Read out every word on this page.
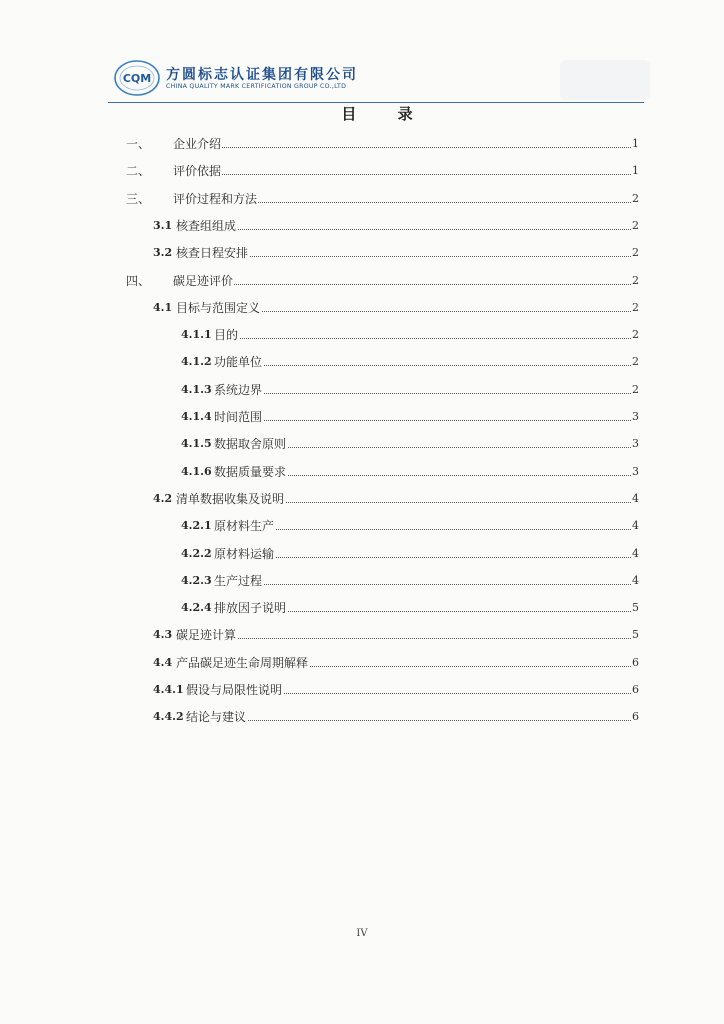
CQM 方圆标志认证集团有限公司
CHINA QUALITY MARK CERTIFICATION GROUP CO.,LTD
目 录
一、 企业介绍	1
二、 评价依据	1
三、 评价过程和方法	2
3.1 核查组组成	2
3.2 核查日程安排	2
四、 碳足迹评价	2
4.1 目标与范围定义	2
4.1.1 目的	2
4.1.2 功能单位	2
4.1.3 系统边界	2
4.1.4 时间范围	3
4.1.5 数据取舍原则	3
4.1.6 数据质量要求	3
4.2 清单数据收集及说明	4
4.2.1 原材料生产	4
4.2.2 原材料运输	4
4.2.3 生产过程	4
4.2.4 排放因子说明	5
4.3 碳足迹计算	5
4.4 产品碳足迹生命周期解释	6
4.4.1 假设与局限性说明	6
4.4.2 结论与建议	6
IV
